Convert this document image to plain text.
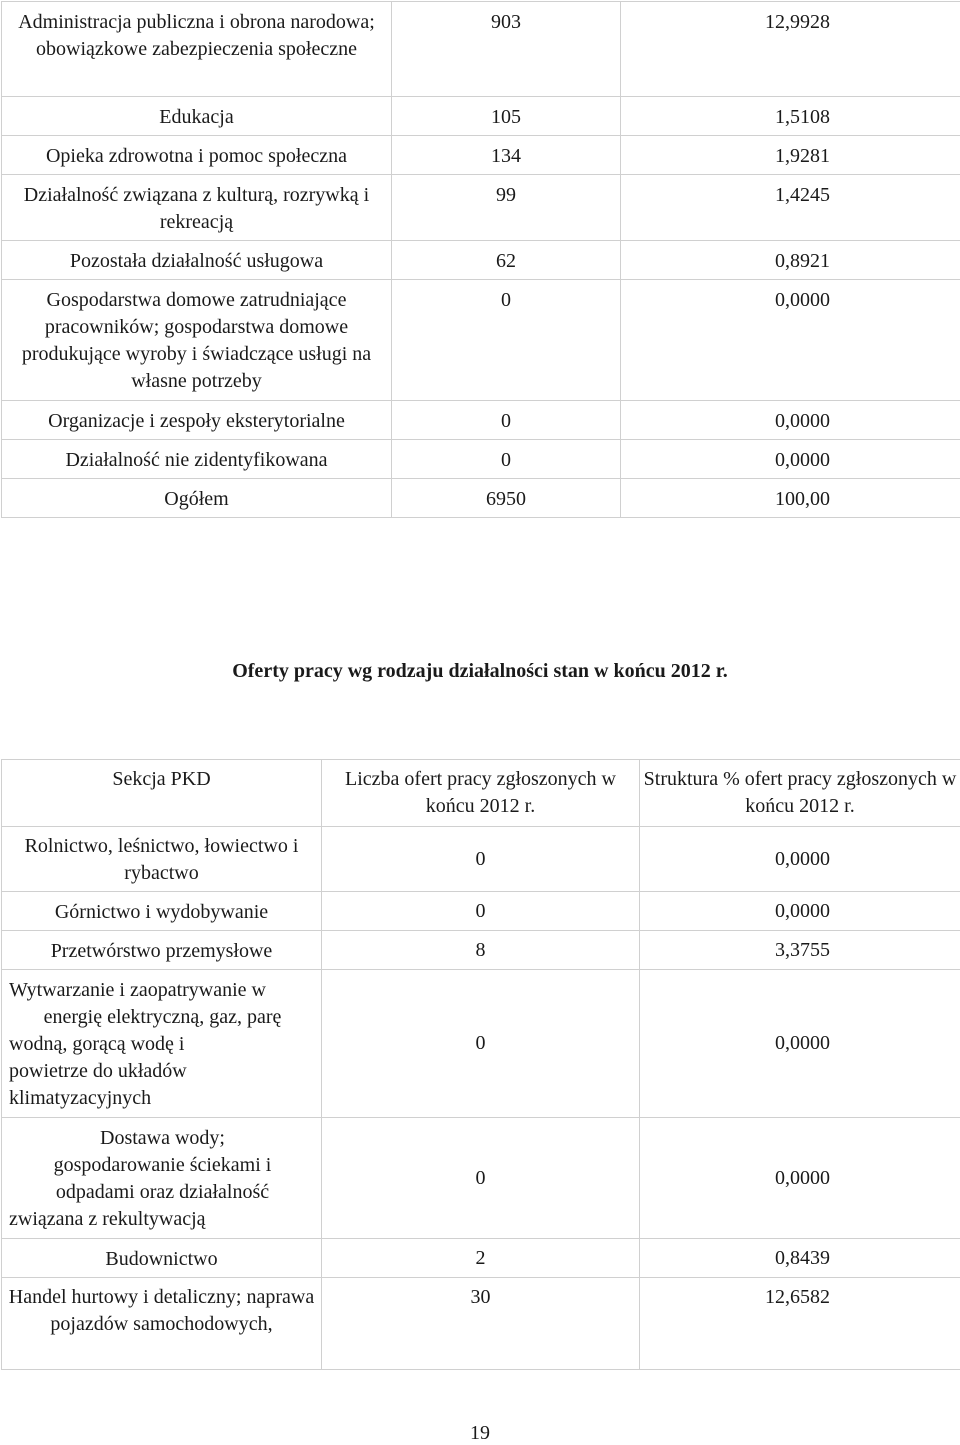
Administracja publiczna i obrona narodowa; obowiązkowe zabezpieczenia społeczne	903	12,9928
Edukacja	105	1,5108
Opieka zdrowotna i pomoc społeczna	134	1,9281
Działalność związana z kulturą, rozrywką i rekreacją	99	1,4245
Pozostała działalność usługowa	62	0,8921
Gospodarstwa domowe zatrudniające pracowników; gospodarstwa domowe produkujące wyroby i świadczące usługi na własne potrzeby	0	0,0000
Organizacje i zespoły eksterytorialne	0	0,0000
Działalność nie zidentyfikowana	0	0,0000
Ogółem	6950	100,00
Oferty pracy wg rodzaju działalności stan w końcu 2012 r.
Sekcja PKD	Liczba ofert pracy zgłoszonych w końcu 2012 r.	Struktura % ofert pracy zgłoszonych w końcu 2012 r.
Rolnictwo, leśnictwo, łowiectwo i rybactwo	0	0,0000
Górnictwo i wydobywanie	0	0,0000
Przetwórstwo przemysłowe	8	3,3755

Wytwarzanie i zaopatrywanie w
energię elektryczną, gaz, parę
wodną, gorącą wodę i
powietrze do układów
klimatyzacyjnych	0	0,0000

Dostawa wody;
gospodarowanie ściekami i
odpadami oraz działalność
związana z rekultywacją	0	0,0000
Budownictwo	2	0,8439
Handel hurtowy i detaliczny; naprawa pojazdów samochodowych,	30	12,6582
19
